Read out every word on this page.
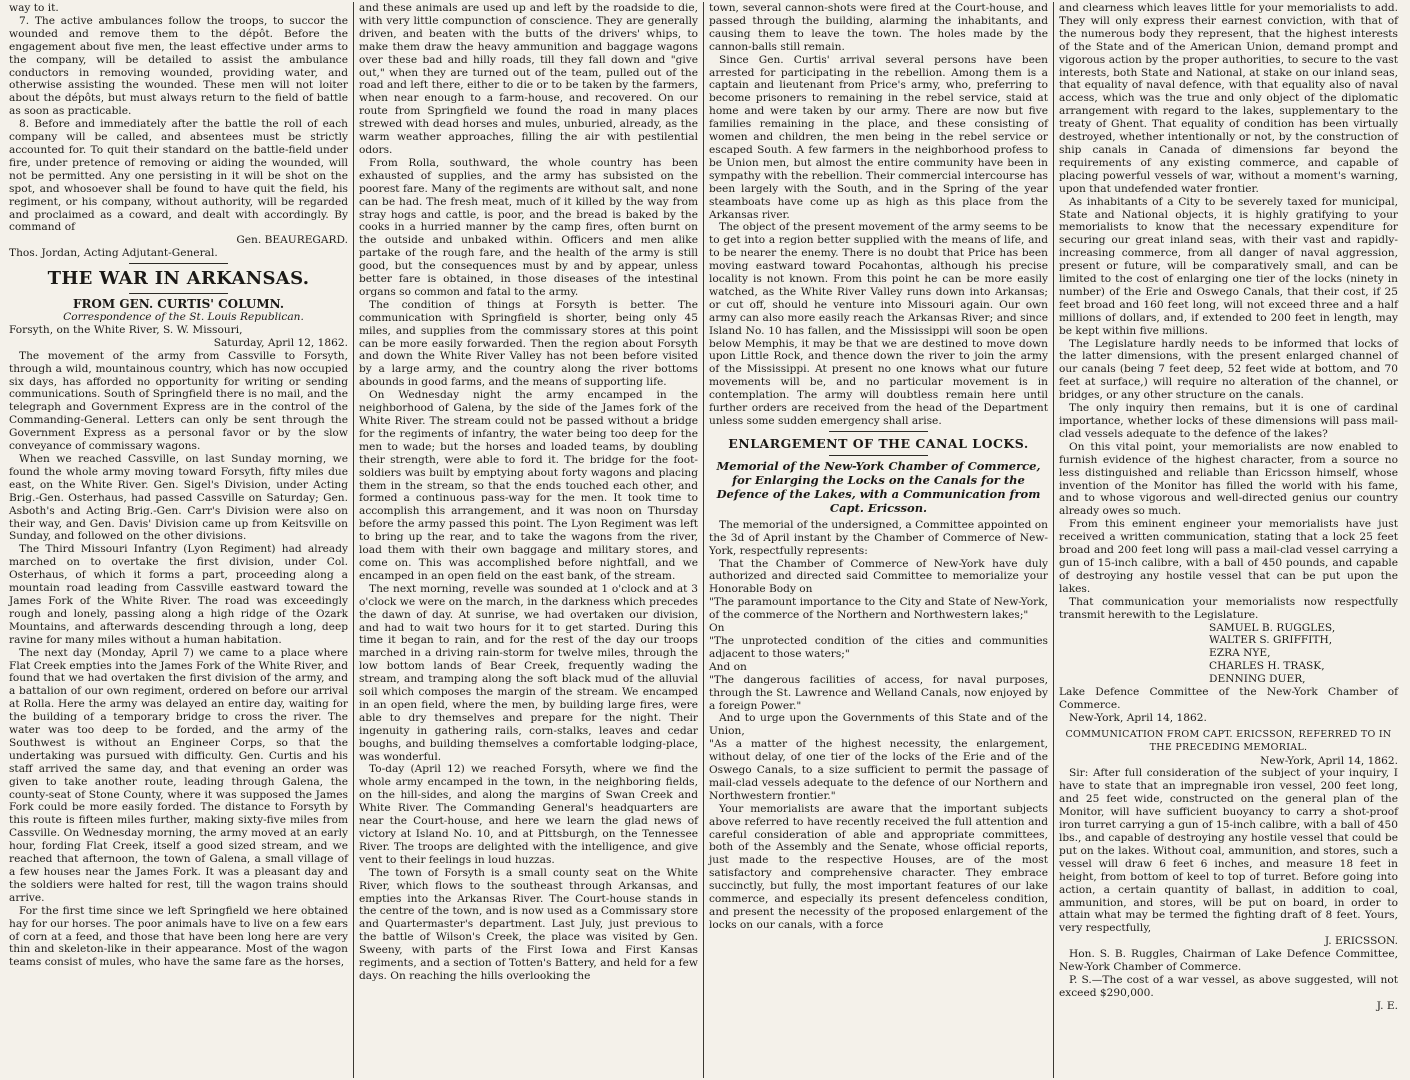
way to it.

7. The active ambulances follow the troops, to succor the wounded and remove them to the dépôt. Before the engagement about five men, the least effective under arms to the company, will be detailed to assist the ambulance conductors in removing wounded, providing water, and otherwise assisting the wounded. These men will not loiter about the dépôts, but must always return to the field of battle as soon as practicable.

8. Before and immediately after the battle the roll of each company will be called, and absentees must be strictly accounted for. To quit their standard on the battle-field under fire, under pretence of removing or aiding the wounded, will not be permitted. Any one persisting in it will be shot on the spot, and whosoever shall be found to have quit the field, his regiment, or his company, without authority, will be regarded and proclaimed as a coward, and dealt with accordingly. By command of

Gen. BEAUREGARD.

Thos. Jordan, Acting Adjutant-General.

THE WAR IN ARKANSAS.
FROM GEN. CURTIS' COLUMN.

Correspondence of the St. Louis Republican.

Forsyth, on the White River, S. W. Missouri,

Saturday, April 12, 1862.

The movement of the army from Cassville to Forsyth, through a wild, mountainous country, which has now occupied six days, has afforded no opportunity for writing or sending communications. South of Springfield there is no mail, and the telegraph and Government Express are in the control of the Commanding-General. Letters can only be sent through the Government Express as a personal favor or by the slow conveyance of commissary wagons.

When we reached Cassville, on last Sunday morning, we found the whole army moving toward Forsyth, fifty miles due east, on the White River. Gen. Sigel's Division, under Acting Brig.-Gen. Osterhaus, had passed Cassville on Saturday; Gen. Asboth's and Acting Brig.-Gen. Carr's Division were also on their way, and Gen. Davis' Division came up from Keitsville on Sunday, and followed on the other divisions.

The Third Missouri Infantry (Lyon Regiment) had already marched on to overtake the first division, under Col. Osterhaus, of which it forms a part, proceeding along a mountain road leading from Cassville eastward toward the James Fork of the White River. The road was exceedingly rough and lonely, passing along a high ridge of the Ozark Mountains, and afterwards descending through a long, deep ravine for many miles without a human habitation.

The next day (Monday, April 7) we came to a place where Flat Creek empties into the James Fork of the White River, and found that we had overtaken the first division of the army, and a battalion of our own regiment, ordered on before our arrival at Rolla. Here the army was delayed an entire day, waiting for the building of a temporary bridge to cross the river. The water was too deep to be forded, and the army of the Southwest is without an Engineer Corps, so that the undertaking was pursued with difficulty. Gen. Curtis and his staff arrived the same day, and that evening an order was given to take another route, leading through Galena, the county-seat of Stone County, where it was supposed the James Fork could be more easily forded. The distance to Forsyth by this route is fifteen miles further, making sixty-five miles from Cassville. On Wednesday morning, the army moved at an early hour, fording Flat Creek, itself a good sized stream, and we reached that afternoon, the town of Galena, a small village of a few houses near the James Fork. It was a pleasant day and the soldiers were halted for rest, till the wagon trains should arrive.

For the first time since we left Springfield we here obtained hay for our horses. The poor animals have to live on a few ears of corn at a feed, and those that have been long here are very thin and skeleton-like in their appearance. Most of the wagon teams consist of mules, who have the same fare as the horses,

and these animals are used up and left by the roadside to die, with very little compunction of conscience. They are generally driven, and beaten with the butts of the drivers' whips, to make them draw the heavy ammunition and baggage wagons over these bad and hilly roads, till they fall down and "give out," when they are turned out of the team, pulled out of the road and left there, either to die or to be taken by the farmers, when near enough to a farm-house, and recovered. On our route from Springfield we found the road in many places strewed with dead horses and mules, unburied, already, as the warm weather approaches, filling the air with pestilential odors.

From Rolla, southward, the whole country has been exhausted of supplies, and the army has subsisted on the poorest fare. Many of the regiments are without salt, and none can be had. The fresh meat, much of it killed by the way from stray hogs and cattle, is poor, and the bread is baked by the cooks in a hurried manner by the camp fires, often burnt on the outside and unbaked within. Officers and men alike partake of the rough fare, and the health of the army is still good, but the consequences must by and by appear, unless better fare is obtained, in those diseases of the intestinal organs so common and fatal to the army.

The condition of things at Forsyth is better. The communication with Springfield is shorter, being only 45 miles, and supplies from the commissary stores at this point can be more easily forwarded. Then the region about Forsyth and down the White River Valley has not been before visited by a large army, and the country along the river bottoms abounds in good farms, and the means of supporting life.

On Wednesday night the army encamped in the neighborhood of Galena, by the side of the James fork of the White River. The stream could not be passed without a bridge for the regiments of infantry, the water being too deep for the men to wade; but the horses and loaded teams, by doubling their strength, were able to ford it. The bridge for the foot-soldiers was built by emptying about forty wagons and placing them in the stream, so that the ends touched each other, and formed a continuous pass-way for the men. It took time to accomplish this arrangement, and it was noon on Thursday before the army passed this point. The Lyon Regiment was left to bring up the rear, and to take the wagons from the river, load them with their own baggage and military stores, and come on. This was accomplished before nightfall, and we encamped in an open field on the east bank, of the stream.

The next morning, revelle was sounded at 1 o'clock and at 3 o'clock we were on the march, in the darkness which precedes the dawn of day. At sunrise, we had overtaken our division, and had to wait two hours for it to get started. During this time it began to rain, and for the rest of the day our troops marched in a driving rain-storm for twelve miles, through the low bottom lands of Bear Creek, frequently wading the stream, and tramping along the soft black mud of the alluvial soil which composes the margin of the stream. We encamped in an open field, where the men, by building large fires, were able to dry themselves and prepare for the night. Their ingenuity in gathering rails, corn-stalks, leaves and cedar boughs, and building themselves a comfortable lodging-place, was wonderful.

To-day (April 12) we reached Forsyth, where we find the whole army encamped in the town, in the neighboring fields, on the hill-sides, and along the margins of Swan Creek and White River. The Commanding General's headquarters are near the Court-house, and here we learn the glad news of victory at Island No. 10, and at Pittsburgh, on the Tennessee River. The troops are delighted with the intelligence, and give vent to their feelings in loud huzzas.

The town of Forsyth is a small county seat on the White River, which flows to the southeast through Arkansas, and empties into the Arkansas River. The Court-house stands in the centre of the town, and is now used as a Commissary store and Quartermaster's department. Last July, just previous to the battle of Wilson's Creek, the place was visited by Gen. Sweeny, with parts of the First Iowa and First Kansas regiments, and a section of Totten's Battery, and held for a few days. On reaching the hills overlooking the

town, several cannon-shots were fired at the Court-house, and passed through the building, alarming the inhabitants, and causing them to leave the town. The holes made by the cannon-balls still remain.

Since Gen. Curtis' arrival several persons have been arrested for participating in the rebellion. Among them is a captain and lieutenant from Price's army, who, preferring to become prisoners to remaining in the rebel service, staid at home and were taken by our army. There are now but five families remaining in the place, and these consisting of women and children, the men being in the rebel service or escaped South. A few farmers in the neighborhood profess to be Union men, but almost the entire community have been in sympathy with the rebellion. Their commercial intercourse has been largely with the South, and in the Spring of the year steamboats have come up as high as this place from the Arkansas river.

The object of the present movement of the army seems to be to get into a region better supplied with the means of life, and to be nearer the enemy. There is no doubt that Price has been moving eastward toward Pocahontas, although his precise locality is not known. From this point he can be more easily watched, as the White River Valley runs down into Arkansas; or cut off, should he venture into Missouri again. Our own army can also more easily reach the Arkansas River; and since Island No. 10 has fallen, and the Mississippi will soon be open below Memphis, it may be that we are destined to move down upon Little Rock, and thence down the river to join the army of the Mississippi. At present no one knows what our future movements will be, and no particular movement is in contemplation. The army will doubtless remain here until further orders are received from the head of the Department unless some sudden emergency shall arise.

ENLARGEMENT OF THE CANAL LOCKS.
Memorial of the New-York Chamber of Commerce, for Enlarging the Locks on the Canals for the Defence of the Lakes, with a Communication from Capt. Ericsson.

The memorial of the undersigned, a Committee appointed on the 3d of April instant by the Chamber of Commerce of New-York, respectfully represents:

That the Chamber of Commerce of New-York have duly authorized and directed said Committee to memorialize your Honorable Body on

"The paramount importance to the City and State of New-York, of the commerce of the Northern and Northwestern lakes;"

On

"The unprotected condition of the cities and communities adjacent to those waters;"

And on

"The dangerous facilities of access, for naval purposes, through the St. Lawrence and Welland Canals, now enjoyed by a foreign Power."

And to urge upon the Governments of this State and of the Union,

"As a matter of the highest necessity, the enlargement, without delay, of one tier of the locks of the Erie and of the Oswego Canals, to a size sufficient to permit the passage of mail-clad vessels adequate to the defence of our Northern and Northwestern frontier."

Your memorialists are aware that the important subjects above referred to have recently received the full attention and careful consideration of able and appropriate committees, both of the Assembly and the Senate, whose official reports, just made to the respective Houses, are of the most satisfactory and comprehensive character. They embrace succinctly, but fully, the most important features of our lake commerce, and especially its present defenceless condition, and present the necessity of the proposed enlargement of the locks on our canals, with a force

and clearness which leaves little for your memorialists to add. They will only express their earnest conviction, with that of the numerous body they represent, that the highest interests of the State and of the American Union, demand prompt and vigorous action by the proper authorities, to secure to the vast interests, both State and National, at stake on our inland seas, that equality of naval defence, with that equality also of naval access, which was the true and only object of the diplomatic arrangement with regard to the lakes, supplementary to the treaty of Ghent. That equality of condition has been virtually destroyed, whether intentionally or not, by the construction of ship canals in Canada of dimensions far beyond the requirements of any existing commerce, and capable of placing powerful vessels of war, without a moment's warning, upon that undefended water frontier.

As inhabitants of a City to be severely taxed for municipal, State and National objects, it is highly gratifying to your memorialists to know that the necessary expenditure for securing our great inland seas, with their vast and rapidly-increasing commerce, from all danger of naval aggression, present or future, will be comparatively small, and can be limited to the cost of enlarging one tier of the locks (ninety in number) of the Erie and Oswego Canals, that their cost, if 25 feet broad and 160 feet long, will not exceed three and a half millions of dollars, and, if extended to 200 feet in length, may be kept within five millions.

The Legislature hardly needs to be informed that locks of the latter dimensions, with the present enlarged channel of our canals (being 7 feet deep, 52 feet wide at bottom, and 70 feet at surface,) will require no alteration of the channel, or bridges, or any other structure on the canals.

The only inquiry then remains, but it is one of cardinal importance, whether locks of these dimensions will pass mail-clad vessels adequate to the defence of the lakes?

On this vital point, your memorialists are now enabled to furnish evidence of the highest character, from a source no less distinguished and reliable than Ericsson himself, whose invention of the Monitor has filled the world with his fame, and to whose vigorous and well-directed genius our country already owes so much.

From this eminent engineer your memorialists have just received a written communication, stating that a lock 25 feet broad and 200 feet long will pass a mail-clad vessel carrying a gun of 15-inch calibre, with a ball of 450 pounds, and capable of destroying any hostile vessel that can be put upon the lakes.

That communication your memorialists now respectfully transmit herewith to the Legislature.

SAMUEL B. RUGGLES,

WALTER S. GRIFFITH,

EZRA NYE,

CHARLES H. TRASK,

DENNING DUER,

Lake Defence Committee of the New-York Chamber of Commerce.

New-York, April 14, 1862.

COMMUNICATION FROM CAPT. ERICSSON, REFERRED TO IN THE PRECEDING MEMORIAL.

New-York, April 14, 1862.

Sir: After full consideration of the subject of your inquiry, I have to state that an impregnable iron vessel, 200 feet long, and 25 feet wide, constructed on the general plan of the Monitor, will have sufficient buoyancy to carry a shot-proof iron turret carrying a gun of 15-inch calibre, with a ball of 450 lbs., and capable of destroying any hostile vessel that could be put on the lakes. Without coal, ammunition, and stores, such a vessel will draw 6 feet 6 inches, and measure 18 feet in height, from bottom of keel to top of turret. Before going into action, a certain quantity of ballast, in addition to coal, ammunition, and stores, will be put on board, in order to attain what may be termed the fighting draft of 8 feet. Yours, very respectfully,

J. ERICSSON.

Hon. S. B. Ruggles, Chairman of Lake Defence Committee, New-York Chamber of Commerce.

P. S.—The cost of a war vessel, as above suggested, will not exceed $290,000.

J. E.
